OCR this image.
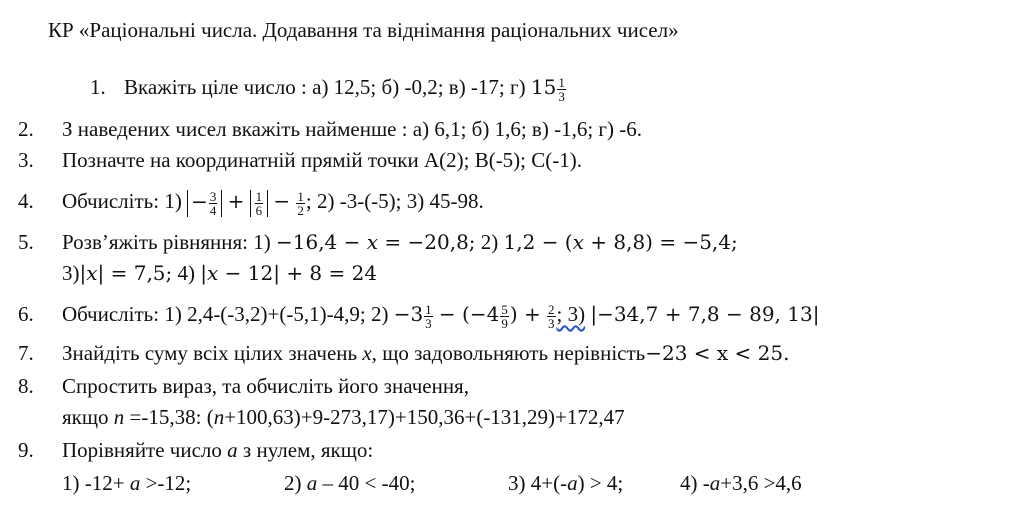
КР «Раціональні числа. Додавання та віднімання раціональних чисел»
1. Вкажіть ціле число : а) 12,5; б) -0,2; в) -17; г) $15 \frac{1}{3}$
2. З наведених чисел вкажіть найменше : а) 6,1; б) 1,6; в) -1,6; г) -6.
3. Позначте на координатній прямій точки А(2); В(-5); С(-1).
4. Обчисліть: $1) - \frac{3}{4} + \frac{1}{6} - \frac{1}{2}$ ; 2) -3-(-5); 3) 45-98.
5. Розв’яжіть рівняння: 1) −16,4 − 𝑥 = −20,8; 2) 1,2 − (𝑥 + 8,8) = −5,4;
3)|𝑥| = 7,5; 4) |𝑥 − 12| + 8 = 24
6. Обчисліть: 1) 2,4-(-3,2)+(-5,1)-4,9; $2) -3 \frac{1}{3} - (-4 \frac{5}{9}$ ) + $\frac{2}{3}$ ; 3) |−34,7 + 7,8 − 89, 13|
7. Знайдіть суму всіх цілих значень x, що задовольняють нерівність−23 < x < 25.
8. Спростить вираз, та обчисліть його значення,
якщо n =-15,38: (n+100,63)+9-273,17)+150,36+(-131,29)+172,47
9. Порівняйте число a з нулем, якщо:
1) -12+ a >-12;	2) a – 40 < -40;	3) 4+(-a) > 4;	4) -a+3,6 >4,6
